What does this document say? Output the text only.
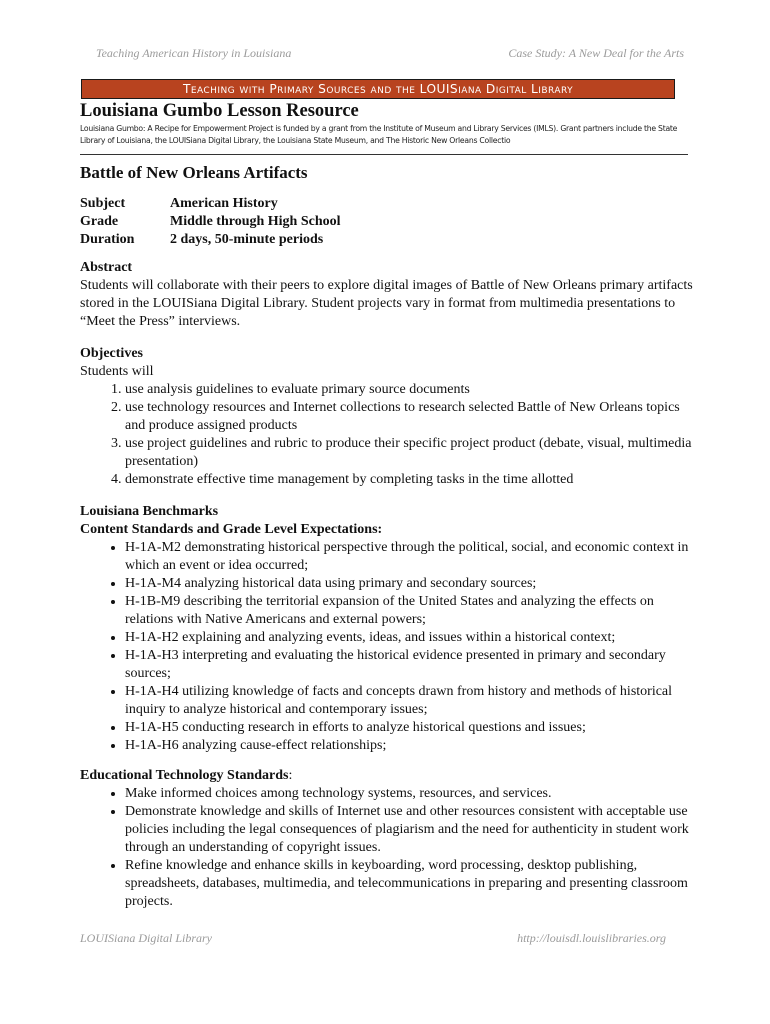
Teaching American History in Louisiana	Case Study: A New Deal for the Arts
Teaching with Primary Sources and the LOUISiana Digital Library
Louisiana Gumbo Lesson Resource

Louisiana Gumbo: A Recipe for Empowerment Project is funded by a grant from the Institute of Museum and Library Services (IMLS). Grant partners include the State Library of Louisiana, the LOUISiana Digital Library, the Louisiana State Museum, and The Historic New Orleans Collectio

Battle of New Orleans Artifacts
Subject	American History
Grade	Middle through High School
Duration	2 days, 50-minute periods
Abstract
Students will collaborate with their peers to explore digital images of Battle of New Orleans primary artifacts stored in the LOUISiana Digital Library. Student projects vary in format from multimedia presentations to “Meet the Press” interviews.
Objectives
Students will
1. use analysis guidelines to evaluate primary source documents
2. use technology resources and Internet collections to research selected Battle of New Orleans topics and produce assigned products
3. use project guidelines and rubric to produce their specific project product (debate, visual, multimedia presentation)
4. demonstrate effective time management by completing tasks in the time allotted
Louisiana Benchmarks
Content Standards and Grade Level Expectations:
• H-1A-M2 demonstrating historical perspective through the political, social, and economic context in which an event or idea occurred;
• H-1A-M4 analyzing historical data using primary and secondary sources;
• H-1B-M9 describing the territorial expansion of the United States and analyzing the effects on relations with Native Americans and external powers;
• H-1A-H2 explaining and analyzing events, ideas, and issues within a historical context;
• H-1A-H3 interpreting and evaluating the historical evidence presented in primary and secondary sources;
• H-1A-H4 utilizing knowledge of facts and concepts drawn from history and methods of historical inquiry to analyze historical and contemporary issues;
• H-1A-H5 conducting research in efforts to analyze historical questions and issues;
• H-1A-H6 analyzing cause-effect relationships;
Educational Technology Standards:
• Make informed choices among technology systems, resources, and services.
• Demonstrate knowledge and skills of Internet use and other resources consistent with acceptable use policies including the legal consequences of plagiarism and the need for authenticity in student work through an understanding of copyright issues.
• Refine knowledge and enhance skills in keyboarding, word processing, desktop publishing, spreadsheets, databases, multimedia, and telecommunications in preparing and presenting classroom projects.
LOUISiana Digital Library	http://louisdl.louislibraries.org
